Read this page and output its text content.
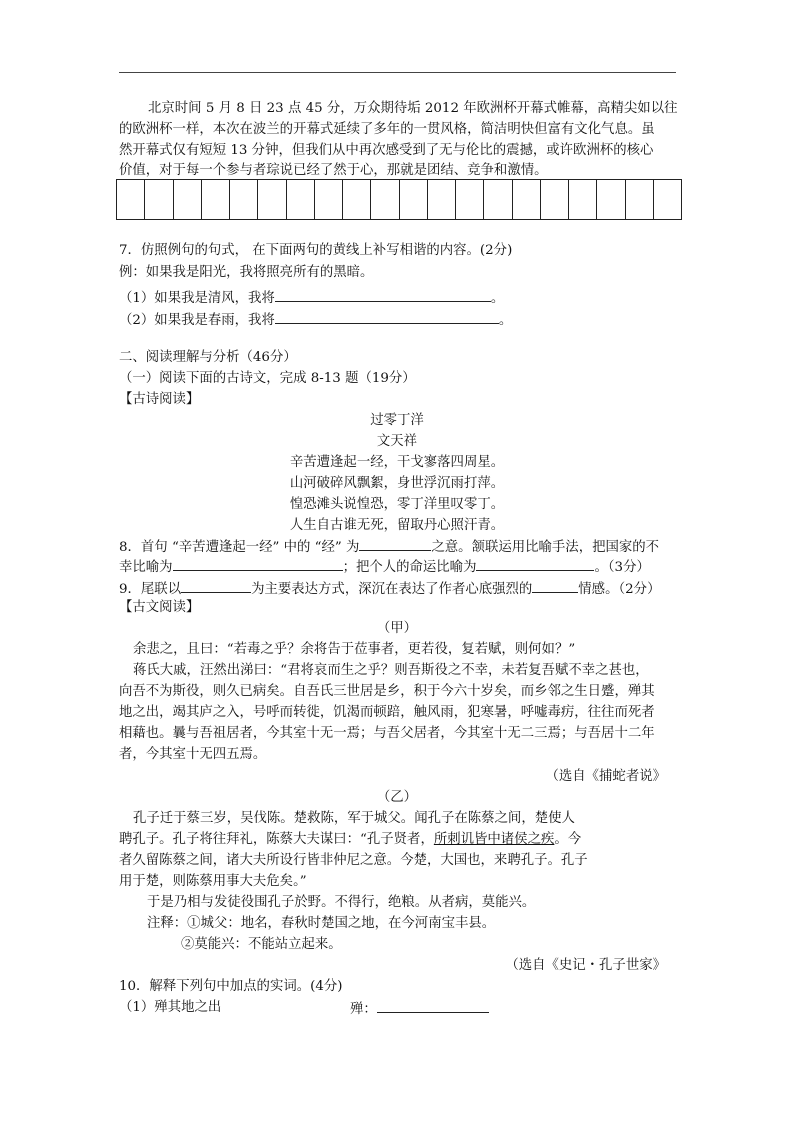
北京时间 5 月 8 日 23 点 45 分，万众期待垢 2012 年欧洲杯开幕式帷幕，高精尖如以往
的欧洲杯一样，本次在波兰的开幕式延续了多年的一贯风格，简洁明快但富有文化气息。虽
然开幕式仅有短短 13 分钟，但我们从中再次感受到了无与伦比的震撼，或许欧洲杯的核心
价值，对于每一个参与者琮说已经了然于心，那就是团结、竞争和激情。
7．仿照例句的句式， 在下面两句的黄线上补写相谐的内容。(2分)
例：如果我是阳光，我将照亮所有的黑暗。
（1）如果我是清风，我将	。
（2）如果我是春雨，我将	。
二、阅读理解与分析（46分）
（一）阅读下面的古诗文，完成 8-13 题（19分）
【古诗阅读】
过零丁洋
文天祥
辛苦遭逢起一经，干戈寥落四周星。
山河破碎风飘絮，身世浮沉雨打萍。
惶恐滩头说惶恐，零丁洋里叹零丁。
人生自古谁无死，留取丹心照汗青。
8．首句 “辛苦遭逢起一经” 中的 “经” 为	之意。颔联运用比喻手法，把国家的不
幸比喻为	；把个人的命运比喻为	。（3分）
9．尾联以	为主要表达方式，深沉在表达了作者心底强烈的	情感。（2分）
【古文阅读】
（甲）
余悲之，且曰：“若毒之乎？余将告于莅事者，更若役，复若赋，则何如？”
蒋氏大戚，汪然出涕曰：“君将哀而生之乎？则吾斯役之不幸，未若复吾赋不幸之甚也，
向吾不为斯役，则久已病矣。自吾氏三世居是乡，积于今六十岁矣，而乡邻之生日蹙，殚其
地之出，竭其庐之入，号呼而转徙，饥渴而顿踣，触风雨，犯寒暑，呼嘘毒疠，往往而死者
相藉也。曩与吾祖居者，今其室十无一焉；与吾父居者，今其室十无二三焉；与吾居十二年
者，今其室十无四五焉。
（选自《捕蛇者说》
（乙）
孔子迁于蔡三岁，吴伐陈。楚救陈，军于城父。闻孔子在陈蔡之间，楚使人
聘孔子。孔子将往拜礼，陈蔡大夫谋曰：“孔子贤者，所刺讥皆中诸侯之疾。今
者久留陈蔡之间，诸大夫所设行皆非仲尼之意。今楚，大国也，来聘孔子。孔子
用于楚，则陈蔡用事大夫危矣。”
于是乃相与发徒役围孔子於野。不得行，绝粮。从者病，莫能兴。
注释：①城父：地名，春秋时楚国之地，在今河南宝丰县。
②莫能兴：不能站立起来。
（选自《史记・孔子世家》
10．解释下列句中加点的实词。(4分)
（1）殚其地之出	殚：
